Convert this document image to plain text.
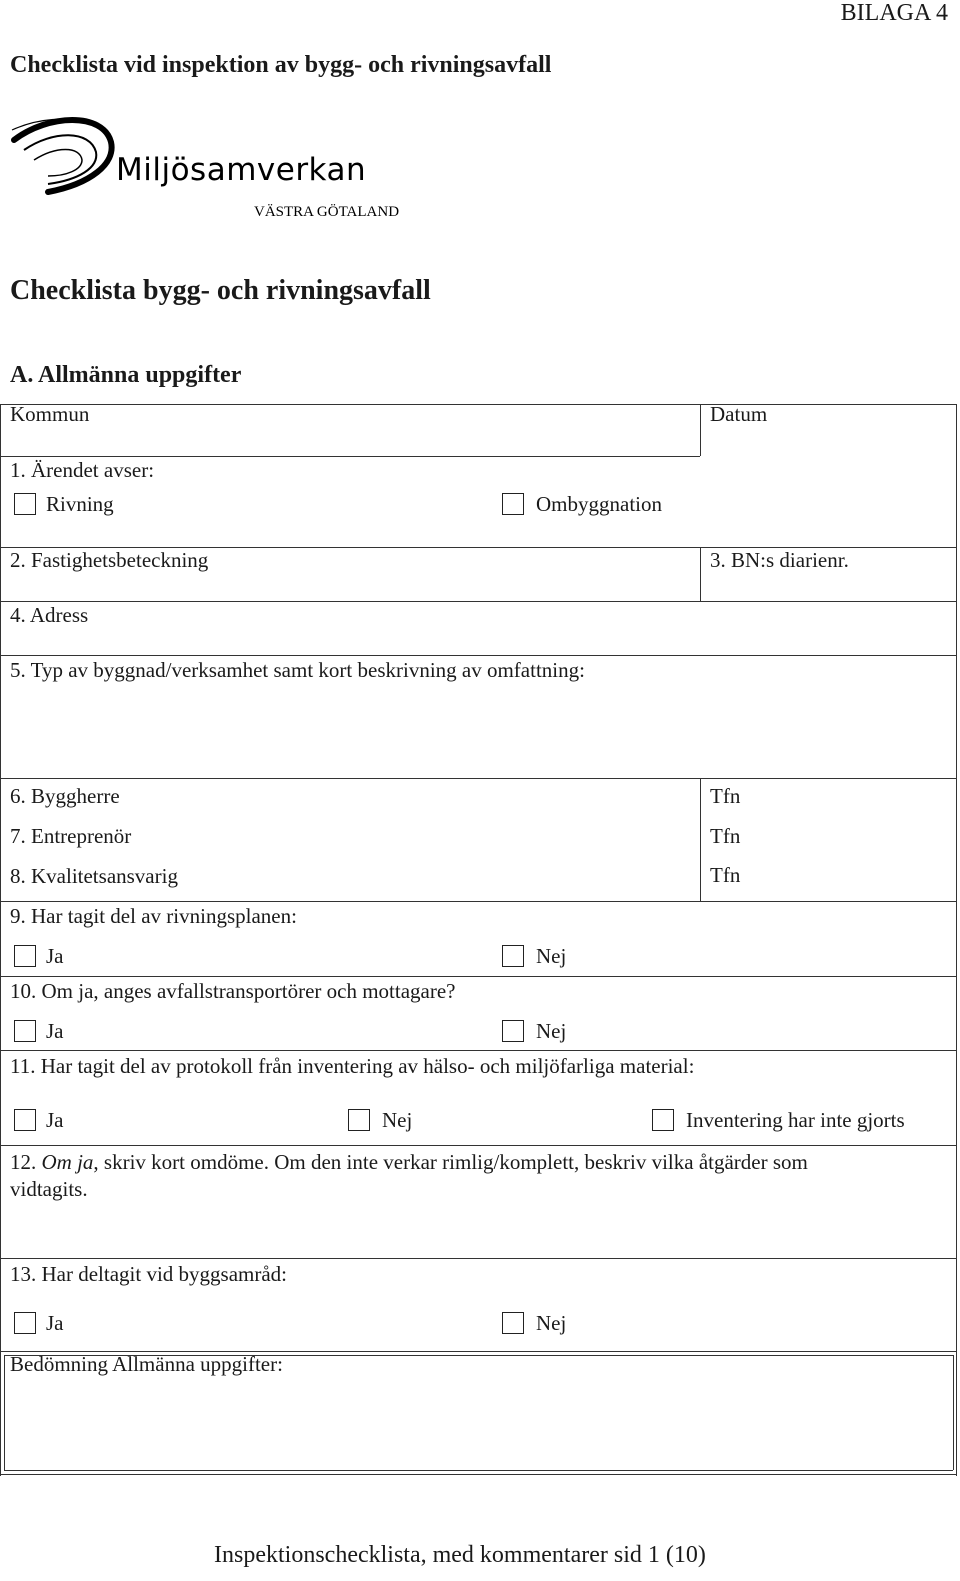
BILAGA 4
Checklista vid inspektion av bygg- och rivningsavfall
Miljösamverkan
VÄSTRA GÖTALAND
Checklista bygg- och rivningsavfall
A. Allmänna uppgifter
Kommun	Datum
1. Ärendet avser:
Rivning	Ombyggnation
2. Fastighetsbeteckning	3. BN:s diarienr.
4. Adress
5. Typ av byggnad/verksamhet samt kort beskrivning av omfattning:
6. Byggherre	Tfn
7. Entreprenör	Tfn
8. Kvalitetsansvarig	Tfn
9. Har tagit del av rivningsplanen:
Ja	Nej
10. Om ja, anges avfallstransportörer och mottagare?
Ja	Nej
11. Har tagit del av protokoll från inventering av hälso- och miljöfarliga material:
Ja	Nej	Inventering har inte gjorts
12. Om ja, skriv kort omdöme. Om den inte verkar rimlig/komplett, beskriv vilka åtgärder som
vidtagits.
13. Har deltagit vid byggsamråd:
Ja	Nej
Bedömning Allmänna uppgifter:
Inspektionschecklista, med kommentarer sid 1 (10)
